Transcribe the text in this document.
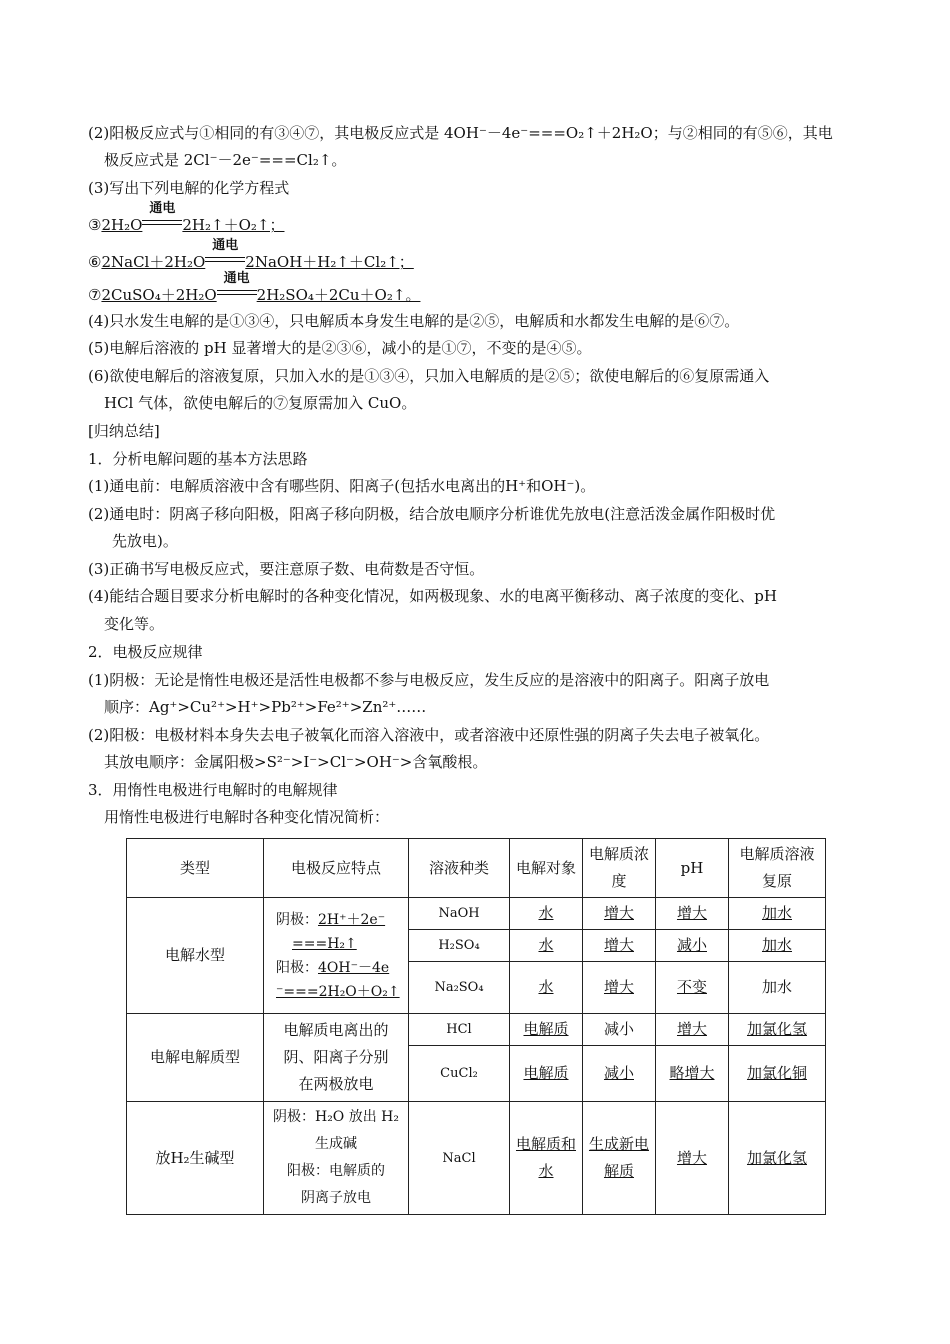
(2)阳极反应式与①相同的有③④⑦，其电极反应式是 4OH⁻－4e⁻===O₂↑＋2H₂O；与②相同的有⑤⑥，其电
极反应式是 2Cl⁻－2e⁻===Cl₂↑。
(3)写出下列电解的化学方程式
③2H₂O
通电
2H₂↑＋O₂↑；
⑥2NaCl＋2H₂O
通电
2NaOH＋H₂↑＋Cl₂↑；
⑦2CuSO₄＋2H₂O
通电
2H₂SO₄＋2Cu＋O₂↑。
(4)只水发生电解的是①③④，只电解质本身发生电解的是②⑤，电解质和水都发生电解的是⑥⑦。
(5)电解后溶液的 pH 显著增大的是②③⑥，减小的是①⑦，不变的是④⑤。
(6)欲使电解后的溶液复原，只加入水的是①③④，只加入电解质的是②⑤；欲使电解后的⑥复原需通入
HCl 气体，欲使电解后的⑦复原需加入 CuO。
[归纳总结]
1．分析电解问题的基本方法思路
(1)通电前：电解质溶液中含有哪些阴、阳离子(包括水电离出的H⁺和OH⁻)。
(2)通电时：阴离子移向阳极，阳离子移向阴极，结合放电顺序分析谁优先放电(注意活泼金属作阳极时优
先放电)。
(3)正确书写电极反应式，要注意原子数、电荷数是否守恒。
(4)能结合题目要求分析电解时的各种变化情况，如两极现象、水的电离平衡移动、离子浓度的变化、pH
变化等。
2．电极反应规律
(1)阴极：无论是惰性电极还是活性电极都不参与电极反应，发生反应的是溶液中的阳离子。阳离子放电
顺序：Ag⁺>Cu²⁺>H⁺>Pb²⁺>Fe²⁺>Zn²⁺……
(2)阳极：电极材料本身失去电子被氧化而溶入溶液中，或者溶液中还原性强的阴离子失去电子被氧化。
其放电顺序：金属阳极>S²⁻>I⁻>Cl⁻>OH⁻>含氧酸根。
3．用惰性电极进行电解时的电解规律
用惰性电极进行电解时各种变化情况简析：
类型	电极反应特点	溶液种类	电解对象	电解质浓度	pH	电解质溶液复原
电解水型	阴极：2H⁺＋2e⁻
===H₂↑
阳极：4OH⁻－4e
⁻===2H₂O＋O₂↑	NaOH	水	增大	增大	加水
		H₂SO₄	水	增大	减小	加水
		Na₂SO₄	水	增大	不变	加水
电解电解质型	电解质电离出的
阴、阳离子分别
在两极放电	HCl	电解质	减小	增大	加氯化氢
		CuCl₂	电解质	减小	略增大	加氯化铜
放H₂生碱型	阴极：H₂O 放出 H₂
生成碱
阳极：电解质的
阴离子放电	NaCl	电解质和水	生成新电解质	增大	加氯化氢
